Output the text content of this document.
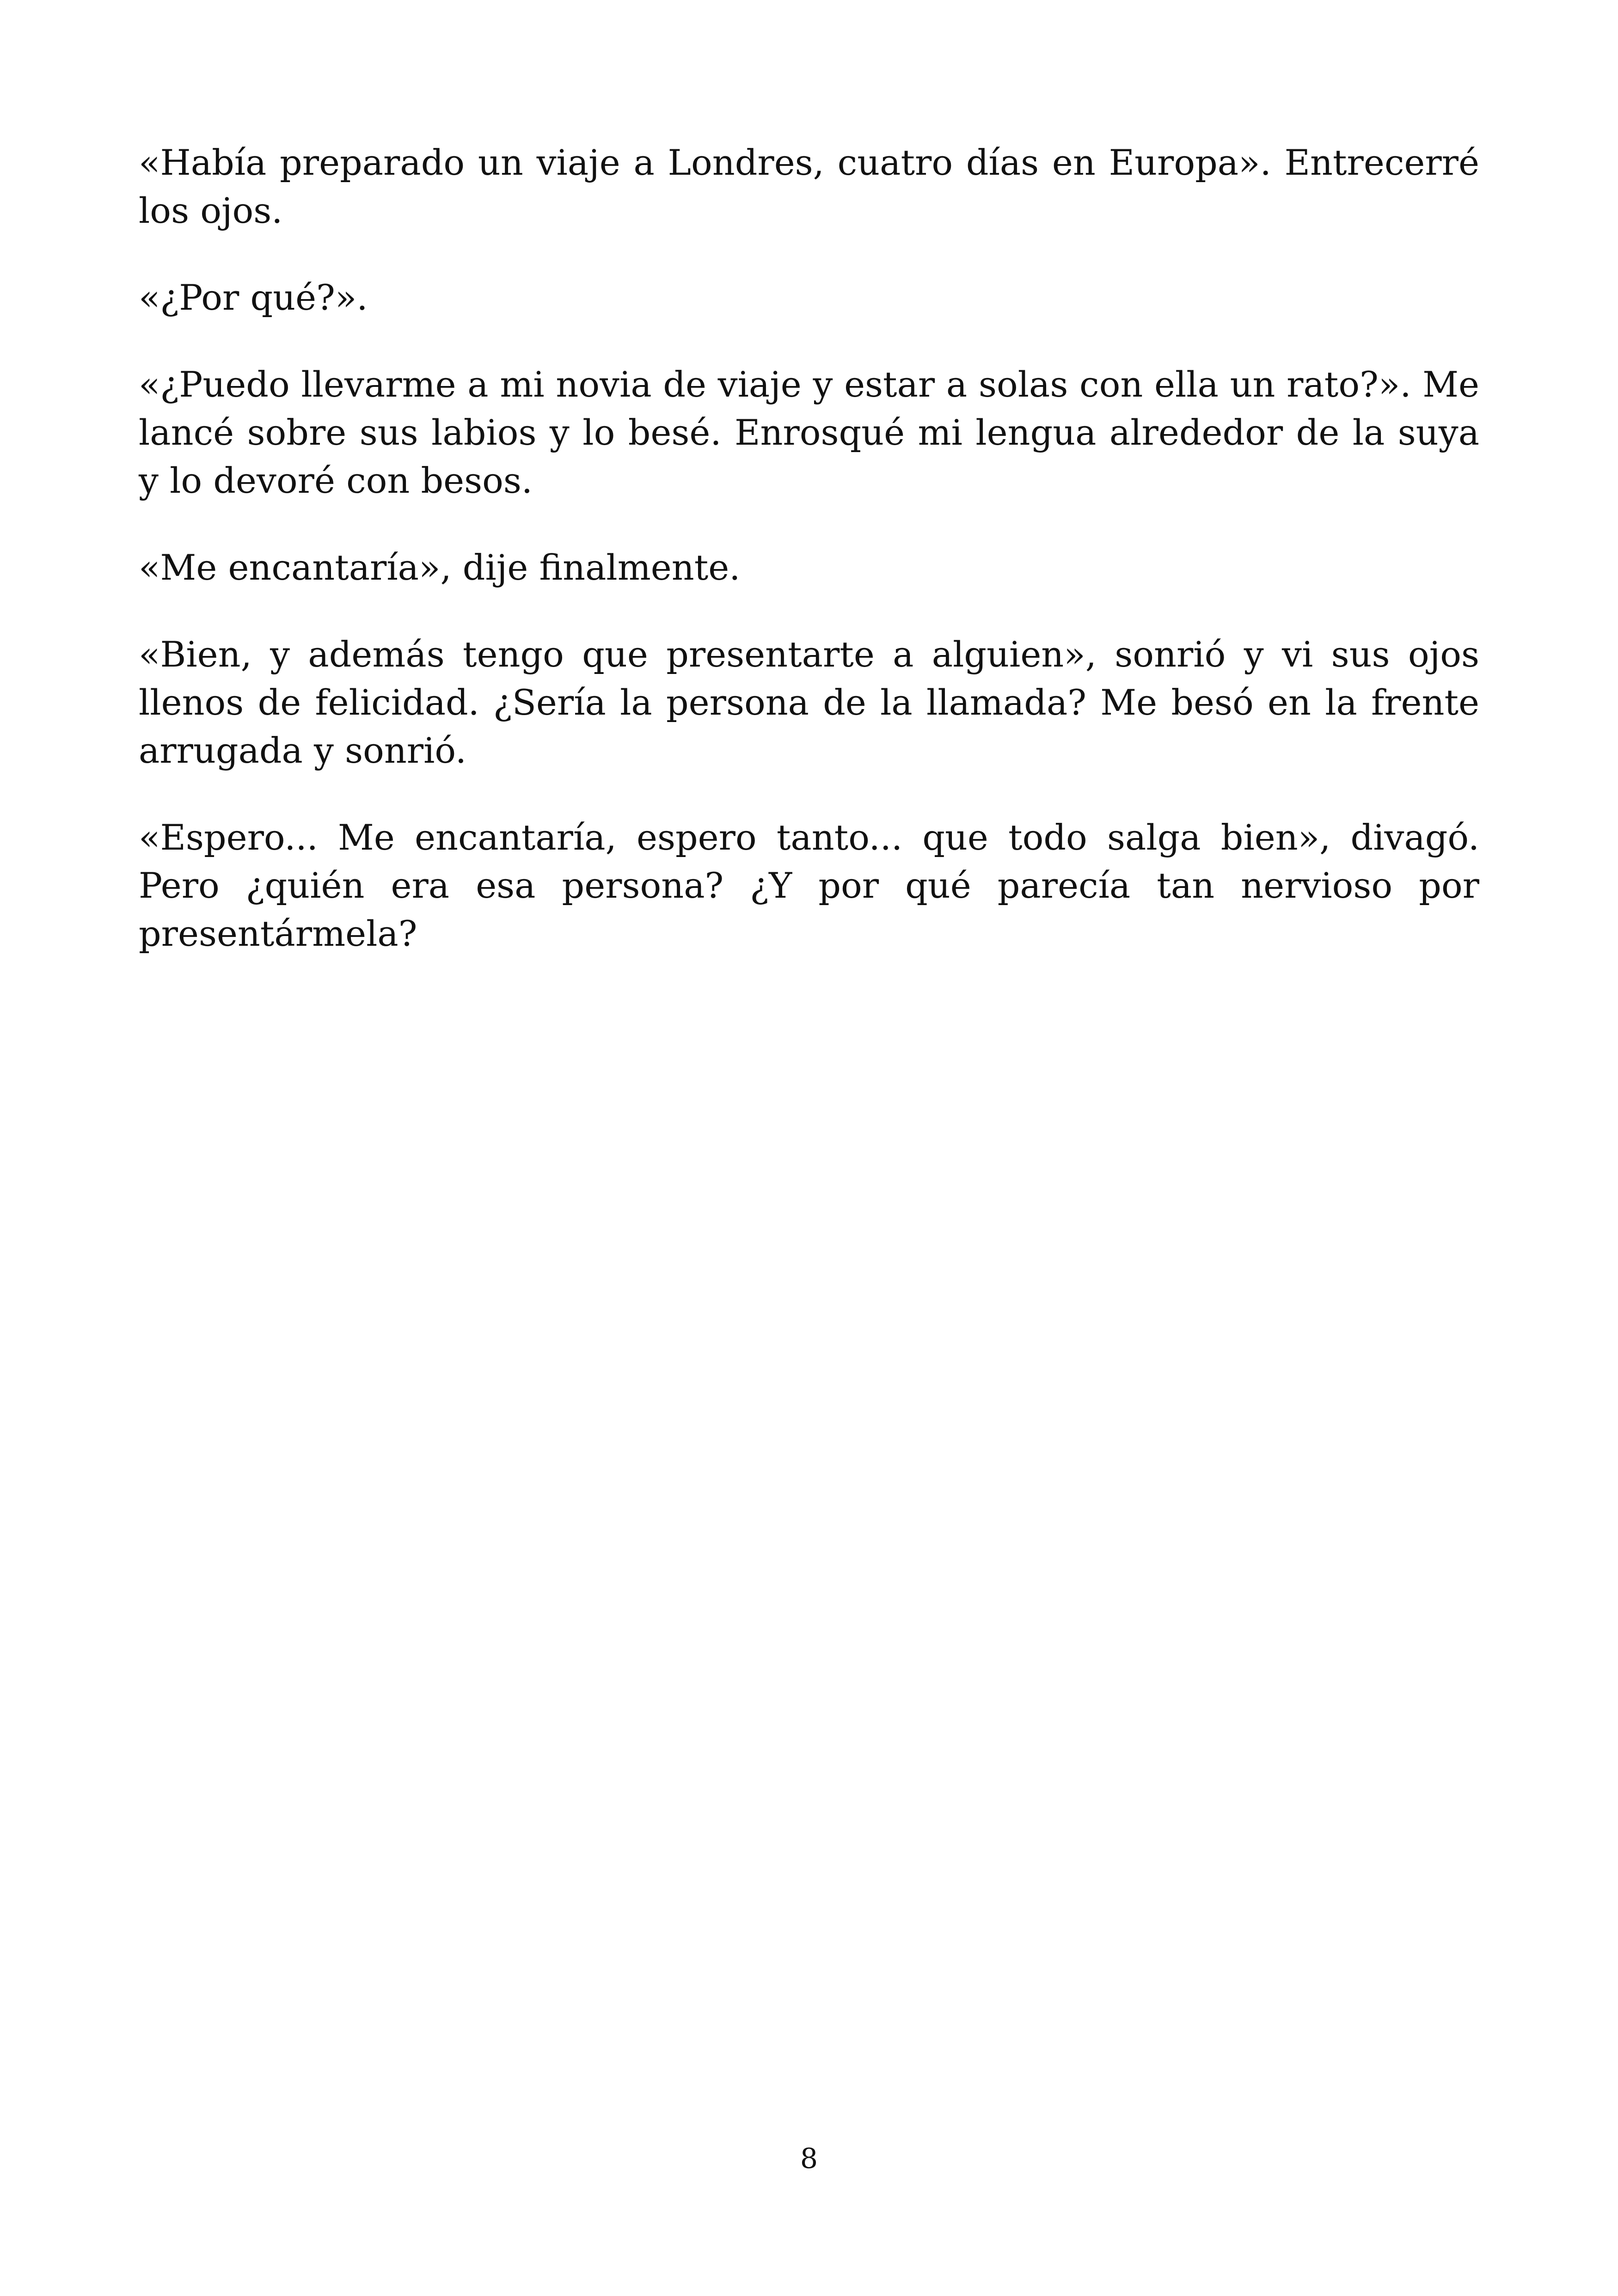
«Había preparado un viaje a Londres, cuatro días en Europa». Entrecerré los ojos.

«¿Por qué?».

«¿Puedo llevarme a mi novia de viaje y estar a solas con ella un rato?». Me lancé sobre sus labios y lo besé. Enrosqué mi lengua alrededor de la suya y lo devoré con besos.

«Me encantaría», dije finalmente.

«Bien, y además tengo que presentarte a alguien», sonrió y vi sus ojos llenos de felicidad. ¿Sería la persona de la llamada? Me besó en la frente arrugada y sonrió.

«Espero... Me encantaría, espero tanto... que todo salga bien», divagó. Pero ¿quién era esa persona? ¿Y por qué parecía tan nervioso por presentármela?

8
